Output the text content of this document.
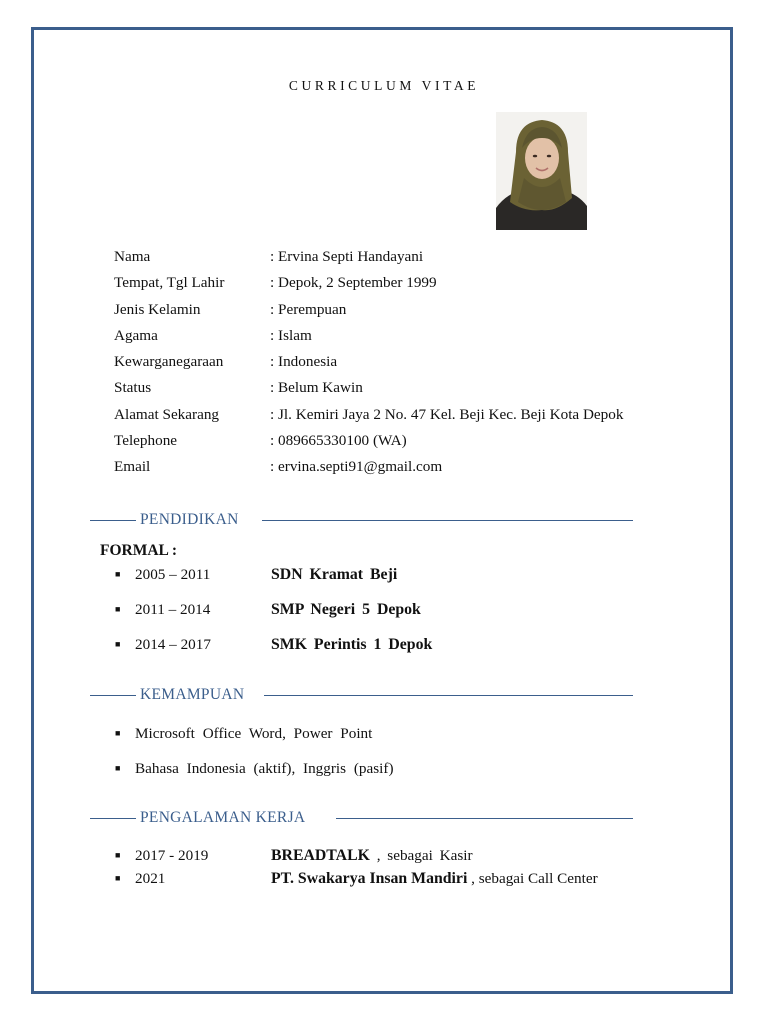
CURRICULUM VITAE
Nama	: Ervina Septi Handayani
Tempat, Tgl Lahir	: Depok, 2 September 1999
Jenis Kelamin	: Perempuan
Agama	: Islam
Kewarganegaraan	: Indonesia
Status	: Belum Kawin
Alamat Sekarang	: Jl. Kemiri Jaya 2 No. 47 Kel. Beji Kec. Beji Kota Depok
Telephone	: 089665330100 (WA)
Email	: ervina.septi91@gmail.com
PENDIDIKAN
FORMAL :
■ 2005 – 2011	SDN Kramat Beji
■ 2011 – 2014	SMP Negeri 5 Depok
■ 2014 – 2017	SMK Perintis 1 Depok
KEMAMPUAN
■ Microsoft Office Word, Power Point
■ Bahasa Indonesia (aktif), Inggris (pasif)
PENGALAMAN KERJA
■ 2017 - 2019	BREADTALK , sebagai Kasir
■ 2021	PT. Swakarya Insan Mandiri , sebagai Call Center
